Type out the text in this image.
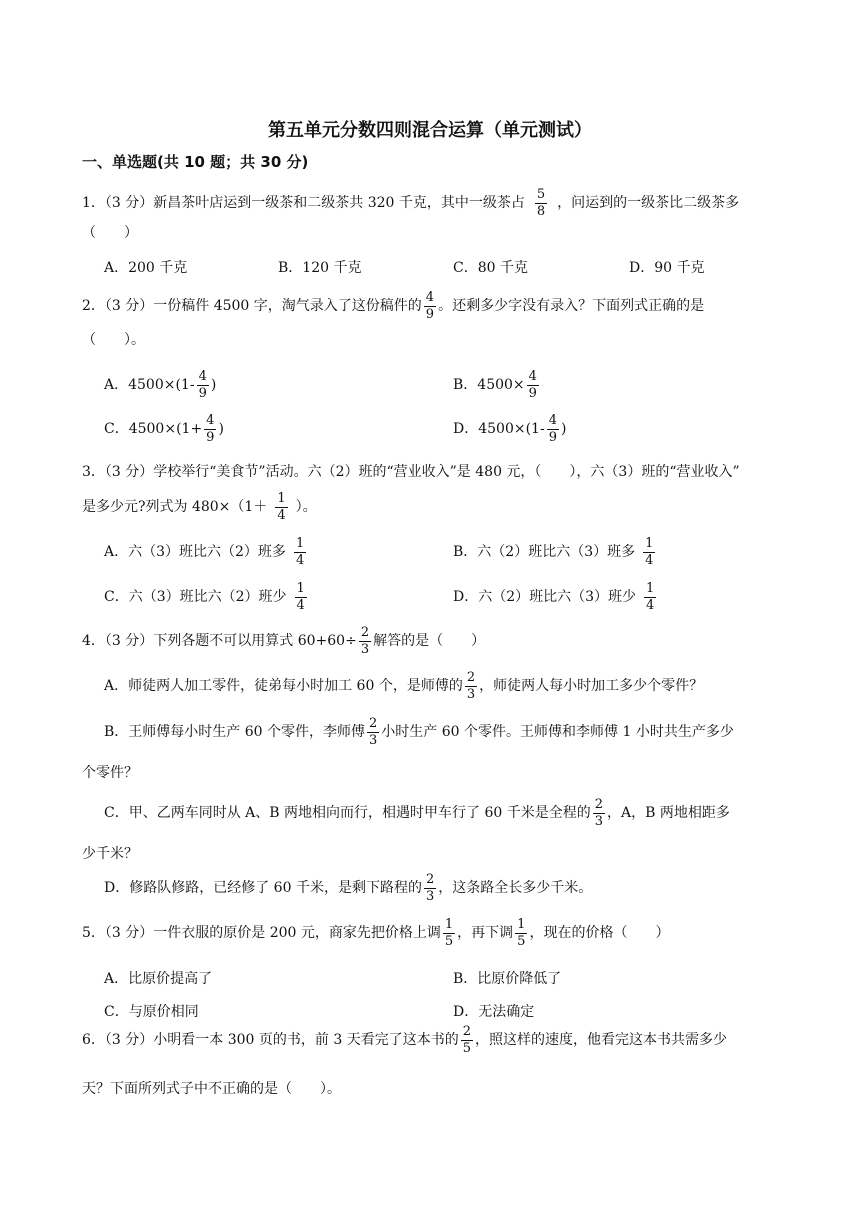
第五单元分数四则混合运算（单元测试）
一、单选题(共 10 题；共 30 分)
1．（3 分）新昌茶叶店运到一级茶和二级茶共 320 千克，其中一级茶占 $\frac{5}{8}$ ，问运到的一级茶比二级茶多
（　　）
A．200 千克	B．120 千克	C．80 千克	D．90 千克
2．（3 分）一份稿件 4500 字，淘气录入了这份稿件的 $\frac{4}{9}$ 。还剩多少字没有录入？下面列式正确的是
（　　）。
A．$4500\times(1- \frac{4}{9}$ )	B．$4500\times \frac{4}{9}$
C．$4500\times(1+ \frac{4}{9}$ )	D．$4500\times(1- \frac{4}{9}$ )
3．（3 分）学校举行“美食节”活动。六（2）班的“营业收入”是 480 元，（　　），六（3）班的“营业收入”
是多少元?列式为 $480\times(1+ \frac{1}{4}$ ）。
A．六（3）班比六（2）班多 $\frac{1}{4}$	B．六（2）班比六（3）班多 $\frac{1}{4}$
C．六（3）班比六（2）班少 $\frac{1}{4}$	D．六（2）班比六（3）班少 $\frac{1}{4}$
4．（3 分）下列各题不可以用算式 $60+60\div \frac{2}{3}$ 解答的是（　　）
A．师徒两人加工零件，徒弟每小时加工 60 个，是师傅的 $\frac{2}{3}$ ，师徒两人每小时加工多少个零件？
B．王师傅每小时生产 60 个零件，李师傅 $\frac{2}{3}$ 小时生产 60 个零件。王师傅和李师傅 1 小时共生产多少
个零件？
C．甲、乙两车同时从 A、B 两地相向而行，相遇时甲车行了 60 千米是全程的 $\frac{2}{3}$ ，A，B 两地相距多
少千米？
D．修路队修路，已经修了 60 千米，是剩下路程的 $\frac{2}{3}$ ，这条路全长多少千米。
5．（3 分）一件衣服的原价是 200 元，商家先把价格上调 $\frac{1}{5}$ ，再下调 $\frac{1}{5}$ ，现在的价格（　　）
A．比原价提高了	B．比原价降低了
C．与原价相同	D．无法确定
6．（3 分）小明看一本 300 页的书，前 3 天看完了这本书的 $\frac{2}{5}$ ，照这样的速度，他看完这本书共需多少
天？下面所列式子中不正确的是（　　）。
